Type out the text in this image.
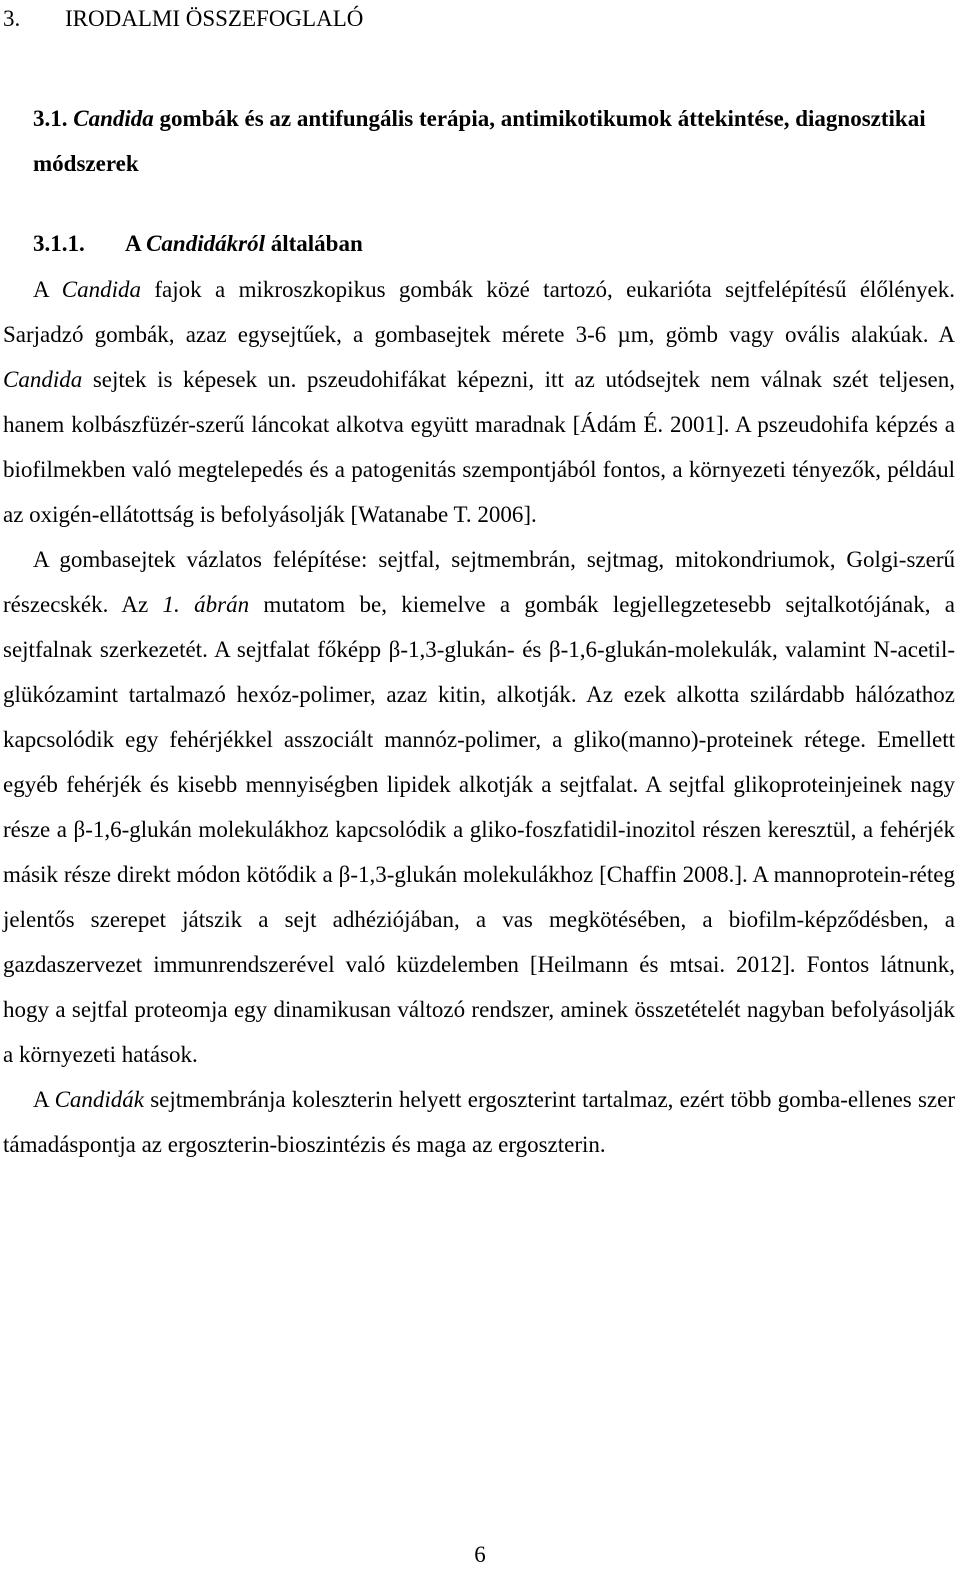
3. IRODALMI ÖSSZEFOGLALÓ
3.1. Candida gombák és az antifungális terápia, antimikotikumok áttekintése, diagnosztikai módszerek
3.1.1. A Candidákról általában

A Candida fajok a mikroszkopikus gombák közé tartozó, eukarióta sejtfelépítésű élőlények. Sarjadzó gombák, azaz egysejtűek, a gombasejtek mérete 3-6 µm, gömb vagy ovális alakúak. A Candida sejtek is képesek un. pszeudohifákat képezni, itt az utódsejtek nem válnak szét teljesen, hanem kolbászfüzér-szerű láncokat alkotva együtt maradnak [Ádám É. 2001]. A pszeudohifa képzés a biofilmekben való megtelepedés és a patogenitás szempontjából fontos, a környezeti tényezők, például az oxigén-ellátottság is befolyásolják [Watanabe T. 2006].

A gombasejtek vázlatos felépítése: sejtfal, sejtmembrán, sejtmag, mitokondriumok, Golgi-szerű részecskék. Az 1. ábrán mutatom be, kiemelve a gombák legjellegzetesebb sejtalkotójának, a sejtfalnak szerkezetét. A sejtfalat főképp β-1,3-glukán- és β-1,6-glukán-molekulák, valamint N-acetil-glükózamint tartalmazó hexóz-polimer, azaz kitin, alkotják. Az ezek alkotta szilárdabb hálózathoz kapcsolódik egy fehérjékkel asszociált mannóz-polimer, a gliko(manno)-proteinek rétege. Emellett egyéb fehérjék és kisebb mennyiségben lipidek alkotják a sejtfalat. A sejtfal glikoproteinjeinek nagy része a β-1,6-glukán molekulákhoz kapcsolódik a gliko-foszfatidil-inozitol részen keresztül, a fehérjék másik része direkt módon kötődik a β-1,3-glukán molekulákhoz [Chaffin 2008.]. A mannoprotein-réteg jelentős szerepet játszik a sejt adhéziójában, a vas megkötésében, a biofilm-képződésben, a gazdaszervezet immunrendszerével való küzdelemben [Heilmann és mtsai. 2012]. Fontos látnunk, hogy a sejtfal proteomja egy dinamikusan változó rendszer, aminek összetételét nagyban befolyásolják a környezeti hatások.

A Candidák sejtmembránja koleszterin helyett ergoszterint tartalmaz, ezért több gomba-ellenes szer támadáspontja az ergoszterin-bioszintézis és maga az ergoszterin.

6
